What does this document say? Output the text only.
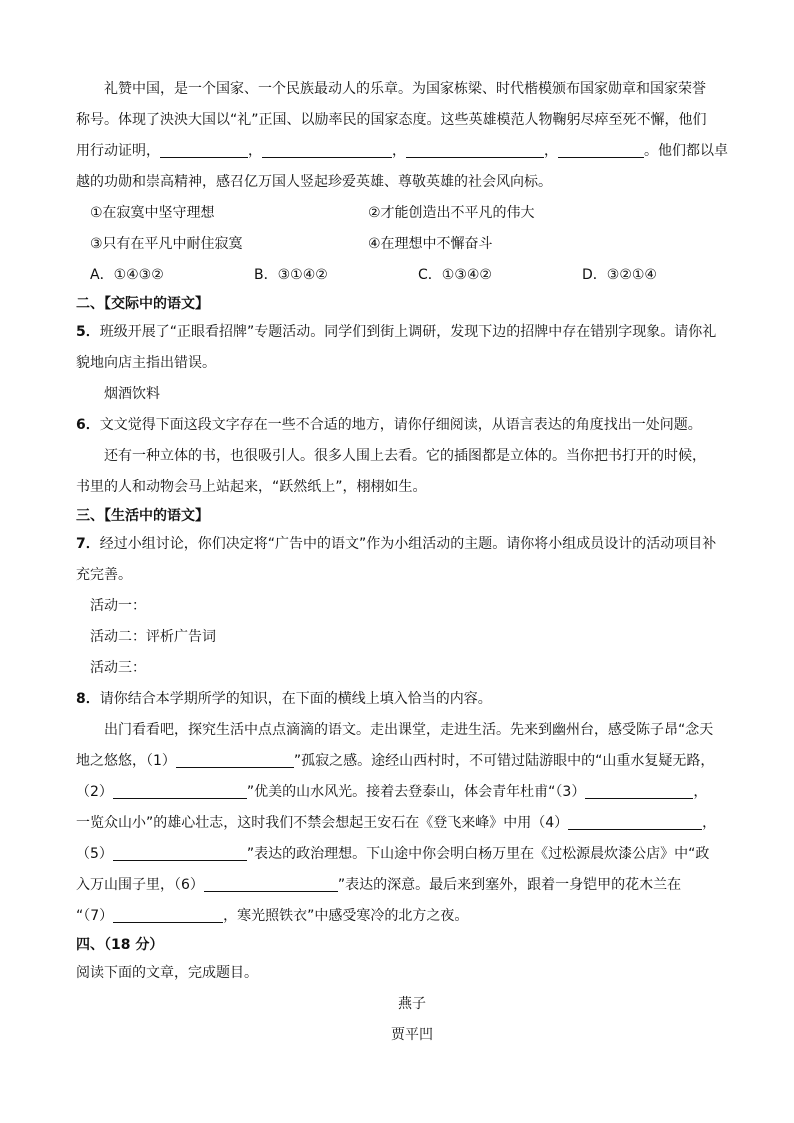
礼赞中国，是一个国家、一个民族最动人的乐章。为国家栋梁、时代楷模颁布国家勋章和国家荣誉
称号。体现了泱泱大国以“礼”正国、以励率民的国家态度。这些英雄模范人物鞠躬尽瘁至死不懈，他们
用行动证明，	，	，	，	。他们都以卓
越的功勋和崇高精神，感召亿万国人竖起珍爱英雄、尊敬英雄的社会风向标。
①在寂寞中坚守理想	②才能创造出不平凡的伟大
③只有在平凡中耐住寂寞	④在理想中不懈奋斗
A．①④③②	B．③①④②	C．①③④②	D．③②①④
二、【交际中的语文】
5．班级开展了“正眼看招牌”专题活动。同学们到街上调研，发现下边的招牌中存在错别字现象。请你礼
貌地向店主指出错误。
烟酒饮料
6．文文觉得下面这段文字存在一些不合适的地方，请你仔细阅读，从语言表达的角度找出一处问题。
还有一种立体的书，也很吸引人。很多人围上去看。它的插图都是立体的。当你把书打开的时候，
书里的人和动物会马上站起来，“跃然纸上”，栩栩如生。
三、【生活中的语文】
7．经过小组讨论，你们决定将“广告中的语文”作为小组活动的主题。请你将小组成员设计的活动项目补
充完善。
活动一：
活动二：评析广告词
活动三：
8．请你结合本学期所学的知识，在下面的横线上填入恰当的内容。
出门看看吧，探究生活中点点滴滴的语文。走出课堂，走进生活。先来到幽州台，感受陈子昂“念天
地之悠悠，（1）	”孤寂之感。途经山西村时，不可错过陆游眼中的“山重水复疑无路，
（2）	”优美的山水风光。接着去登泰山，体会青年杜甫“（3）	，
一览众山小”的雄心壮志，这时我们不禁会想起王安石在《登飞来峰》中用（4）	，
（5）	”表达的政治理想。下山途中你会明白杨万里在《过松源晨炊漆公店》中“政
入万山围子里，（6）	”表达的深意。最后来到塞外，跟着一身铠甲的花木兰在
“（7）	，寒光照铁衣”中感受寒冷的北方之夜。
四、（18 分）
阅读下面的文章，完成题目。
燕子
贾平凹
